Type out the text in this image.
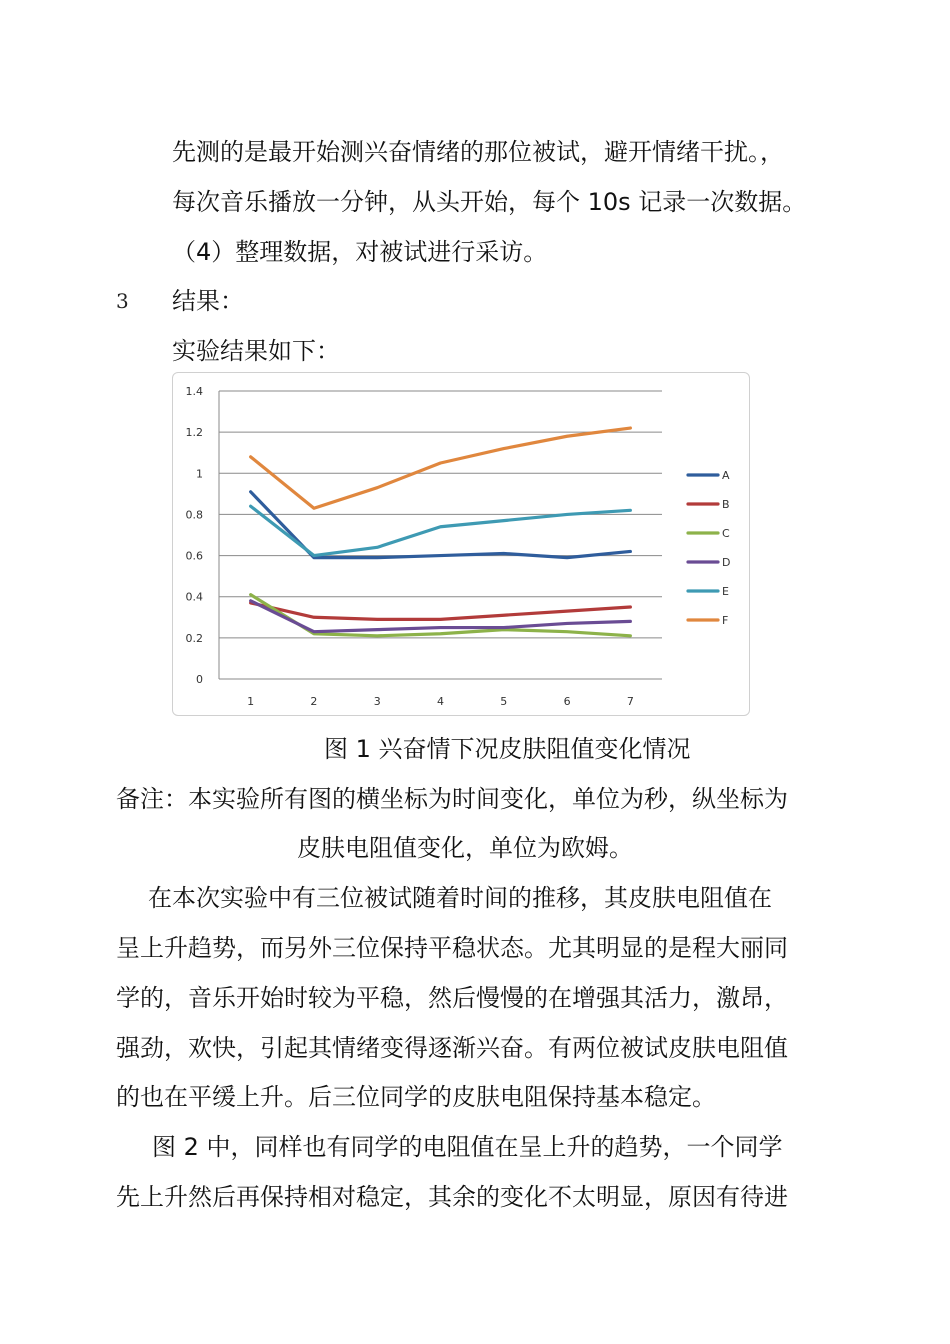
先测的是最开始测兴奋情绪的那位被试，避开情绪干扰。，
每次音乐播放一分钟，从头开始，每个 10s 记录一次数据。
（4）整理数据，对被试进行采访。
3 结果：
实验结果如下：
0
0.2
0.4
0.6
0.8
1
1.2
1.4
1	2	3	4	5	6	7
A
B
C
D
E
F
图 1 兴奋情下况皮肤阻值变化情况
备注：本实验所有图的横坐标为时间变化，单位为秒，纵坐标为
皮肤电阻值变化，单位为欧姆。
在本次实验中有三位被试随着时间的推移，其皮肤电阻值在
呈上升趋势，而另外三位保持平稳状态。尤其明显的是程大丽同
学的，音乐开始时较为平稳，然后慢慢的在增强其活力，激昂，
强劲，欢快，引起其情绪变得逐渐兴奋。有两位被试皮肤电阻值
的也在平缓上升。后三位同学的皮肤电阻保持基本稳定。
图 2 中，同样也有同学的电阻值在呈上升的趋势，一个同学
先上升然后再保持相对稳定，其余的变化不太明显，原因有待进
